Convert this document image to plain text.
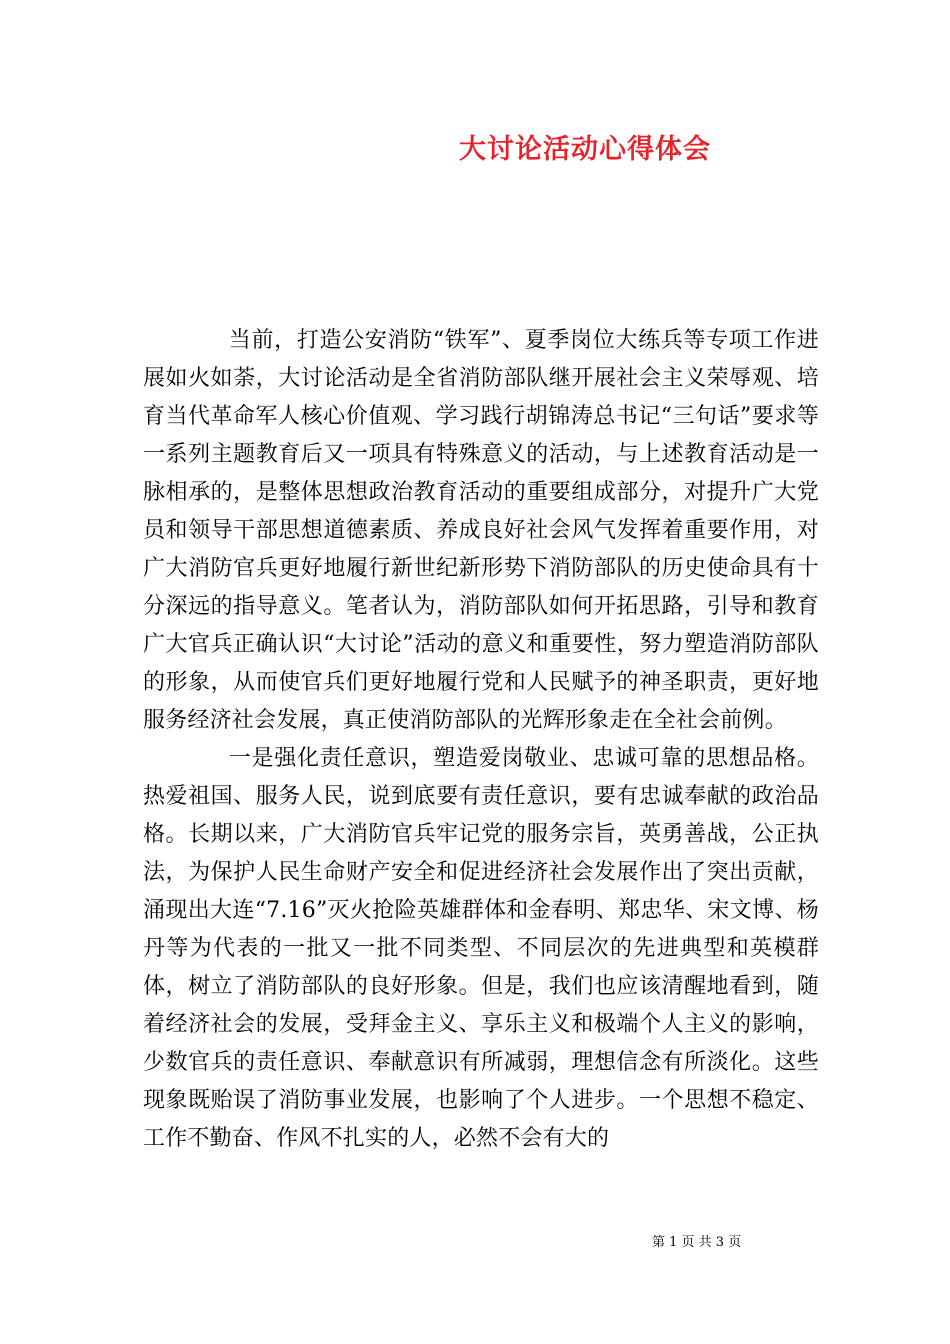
大讨论活动心得体会

当前，打造公安消防“铁军”、夏季岗位大练兵等专项工作进展如火如荼，大讨论活动是全省消防部队继开展社会主义荣辱观、培育当代革命军人核心价值观、学习践行胡锦涛总书记“三句话”要求等一系列主题教育后又一项具有特殊意义的活动，与上述教育活动是一脉相承的，是整体思想政治教育活动的重要组成部分，对提升广大党员和领导干部思想道德素质、养成良好社会风气发挥着重要作用，对广大消防官兵更好地履行新世纪新形势下消防部队的历史使命具有十分深远的指导意义。笔者认为，消防部队如何开拓思路，引导和教育广大官兵正确认识“大讨论”活动的意义和重要性，努力塑造消防部队的形象，从而使官兵们更好地履行党和人民赋予的神圣职责，更好地服务经济社会发展，真正使消防部队的光辉形象走在全社会前例。

一是强化责任意识，塑造爱岗敬业、忠诚可靠的思想品格。热爱祖国、服务人民，说到底要有责任意识，要有忠诚奉献的政治品格。长期以来，广大消防官兵牢记党的服务宗旨，英勇善战，公正执法，为保护人民生命财产安全和促进经济社会发展作出了突出贡献，涌现出大连“7.16”灭火抢险英雄群体和金春明、郑忠华、宋文博、杨丹等为代表的一批又一批不同类型、不同层次的先进典型和英模群体，树立了消防部队的良好形象。但是，我们也应该清醒地看到，随着经济社会的发展，受拜金主义、享乐主义和极端个人主义的影响，少数官兵的责任意识、奉献意识有所减弱，理想信念有所淡化。这些现象既贻误了消防事业发展，也影响了个人进步。一个思想不稳定、工作不勤奋、作风不扎实的人，必然不会有大的

第 1 页 共 3 页
